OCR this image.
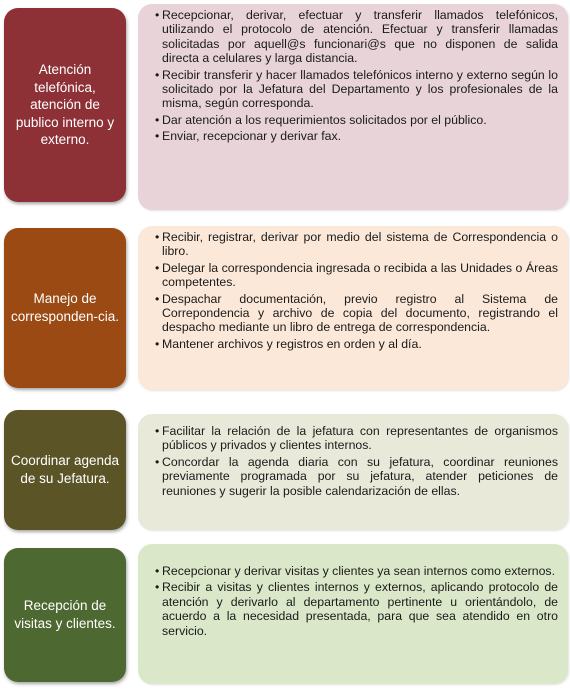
Atención telefónica, atención de publico interno y externo.
• Recepcionar, derivar, efectuar y transferir llamados telefónicos, utilizando el protocolo de atención. Efectuar y transferir llamadas solicitadas por aquell@s funcionari@s que no disponen de salida directa a celulares y larga distancia.
• Recibir transferir y hacer llamados telefónicos interno y externo según lo solicitado por la Jefatura del Departamento y los profesionales de la misma, según corresponda.
• Dar atención a los requerimientos solicitados por el público.
• Enviar, recepcionar y derivar fax.
Manejo de corresponden-cia.
• Recibir, registrar, derivar por medio del sistema de Correspondencia o libro.
• Delegar la correspondencia ingresada o recibida a las Unidades o Áreas competentes.
• Despachar documentación, previo registro al Sistema de Correpondencia y archivo de copia del documento, registrando el despacho mediante un libro de entrega de correspondencia.
• Mantener archivos y registros en orden y al día.
Coordinar agenda de su Jefatura.
• Facilitar la relación de la jefatura con representantes de organismos públicos y privados y clientes internos.
• Concordar la agenda diaria con su jefatura, coordinar reuniones previamente programada por su jefatura, atender peticiones de reuniones y sugerir la posible calendarización de ellas.
Recepción de visitas y clientes.
• Recepcionar y derivar visitas y clientes ya sean internos como externos.
• Recibir a visitas y clientes internos y externos, aplicando protocolo de atención y derivarlo al departamento pertinente u orientándolo, de acuerdo a la necesidad presentada, para que sea atendido en otro servicio.
